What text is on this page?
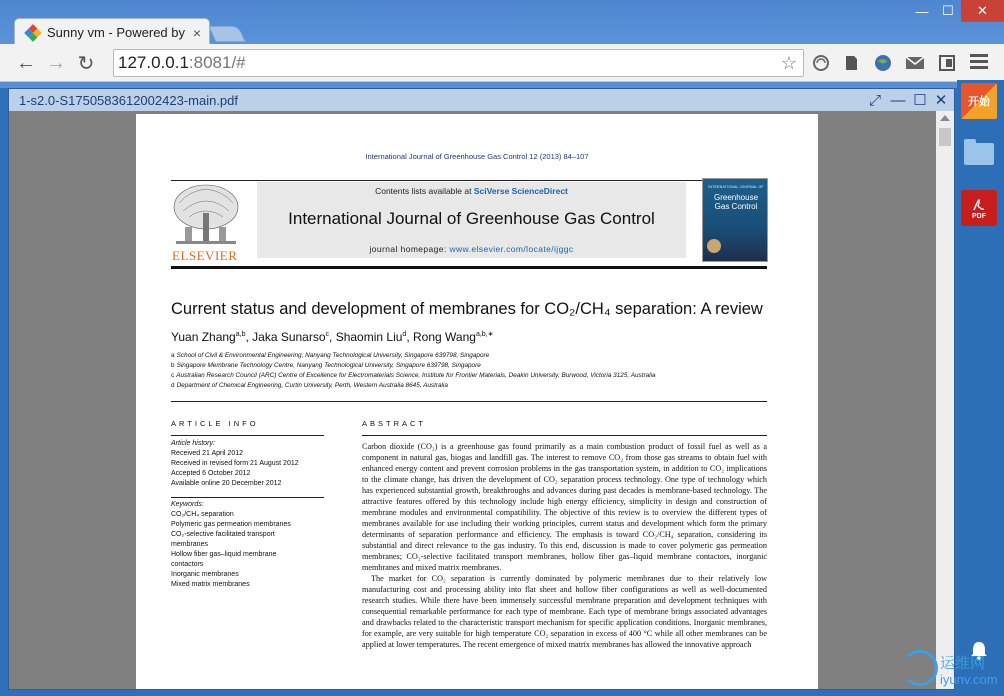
Sunny vm - Powered by ×
—	☐	✕
← → ↻ 127.0.0.1 :8081/#	☆
1-s2.0-S1750583612002423-main.pdf	⤢ — ☐ ✕
International Journal of Greenhouse Gas Control 12 (2013) 84–107
ELSEVIER
Contents lists available at SciVerse ScienceDirect
International Journal of Greenhouse Gas Control
journal homepage: www.elsevier.com/locate/ijggc
INTERNATIONAL JOURNAL OF
Greenhouse Gas Control
Current status and development of membranes for CO₂/CH₄ separation: A review
Yuan Zhang$^{a,b}$, Jaka Sunarso$^c$, Shaomin Liu$^d$, Rong Wang$^{a,b,∗}$
a School of Civil & Environmental Engineering, Nanyang Technological University, Singapore 639798, Singapore
b Singapore Membrane Technology Centre, Nanyang Technological University, Singapore 639798, Singapore
c Australian Research Council (ARC) Centre of Excellence for Electromaterials Science, Institute for Frontier Materials, Deakin University, Burwood, Victoria 3125, Australia
d Department of Chemical Engineering, Curtin University, Perth, Western Australia 8645, Australia
ARTICLE INFO	ABSTRACT
Article history:
Received 21 April 2012
Received in revised form 21 August 2012
Accepted 6 October 2012
Available online 20 December 2012
Keywords:
CO₂/CH₄ separation
Polymeric gas permeation membranes
CO₂-selective facilitated transport
membranes
Hollow fiber gas–liquid membrane
contactors
Inorganic membranes
Mixed matrix membranes

Carbon dioxide (CO₂) is a greenhouse gas found primarily as a main combustion product of fossil fuel as well as a component in natural gas, biogas and landfill gas. The interest to remove CO₂ from those gas streams to obtain fuel with enhanced energy content and prevent corrosion problems in the gas transportation system, in addition to CO₂ implications to the climate change, has driven the development of CO₂ separation process technology. One type of technology which has experienced substantial growth, breakthroughs and advances during past decades is membrane-based technology. The attractive features offered by this technology include high energy efficiency, simplicity in design and construction of membrane modules and environmental compatibility. The objective of this review is to overview the different types of membranes available for use including their working principles, current status and development which form the primary determinants of separation performance and efficiency. The emphasis is toward CO₂/CH₄ separation, considering its substantial and direct relevance to the gas industry. To this end, discussion is made to cover polymeric gas permeation membranes; CO₂-selective facilitated transport membranes, hollow fiber gas–liquid membrane contactors, inorganic membranes and mixed matrix membranes.

The market for CO₂ separation is currently dominated by polymeric membranes due to their relatively low manufacturing cost and processing ability into flat sheet and hollow fiber configurations as well as well-documented research studies. While there have been immensely successful membrane preparation and development techniques with consequential remarkable performance for each type of membrane. Each type of membrane brings associated advantages and drawbacks related to the characteristic transport mechanism for specific application conditions. Inorganic membranes, for example, are very suitable for high temperature CO₂ separation in excess of 400 °C while all other membranes can be applied at lower temperatures. The recent emergence of mixed matrix membranes has allowed the innovative approach

开始
PDF
运维网
iyunv.com
